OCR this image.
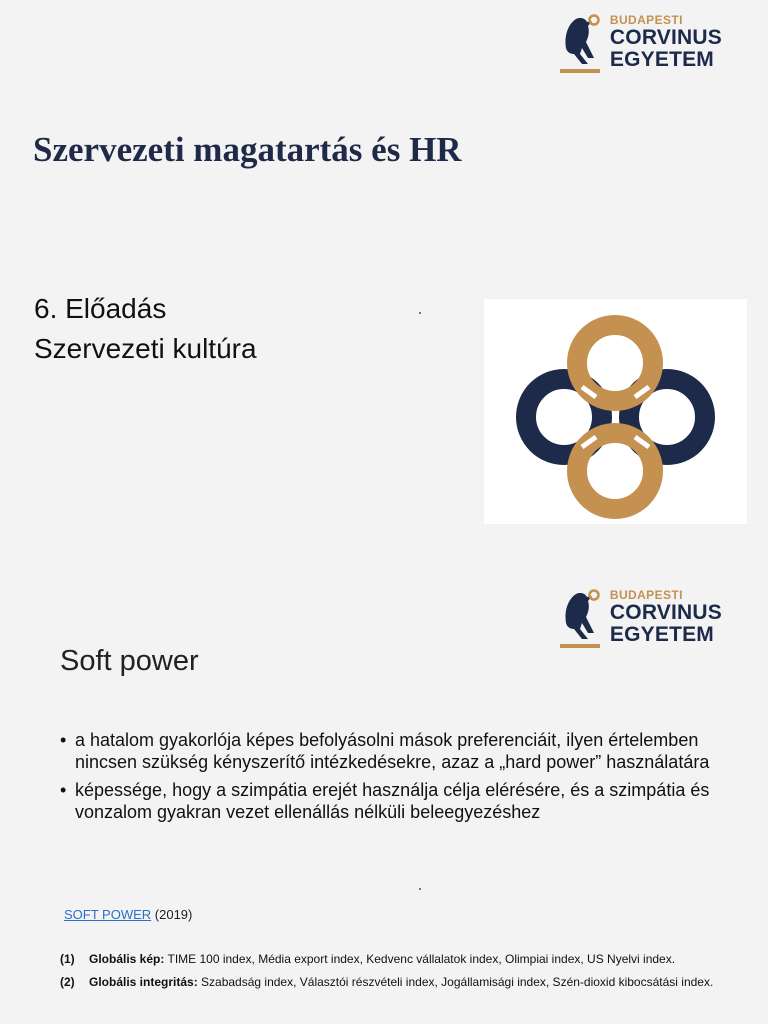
BUDAPESTI
CORVINUS
EGYETEM
Szervezeti magatartás és HR
6. Előadás
Szervezeti kultúra
BUDAPESTI
CORVINUS
EGYETEM
Soft power
• a hatalom gyakorlója képes befolyásolni mások preferenciáit, ilyen értelemben nincsen szükség kényszerítő intézkedésekre, azaz a „hard power” használatára
• képessége, hogy a szimpátia erejét használja célja elérésére, és a szimpátia és vonzalom gyakran vezet ellenállás nélküli beleegyezéshez
SOFT POWER (2019)
(1)	Globális kép: TIME 100 index, Média export index, Kedvenc vállalatok index, Olimpiai index, US Nyelvi index.
(2)	Globális integritás: Szabadság index, Választói részvételi index, Jogállamisági index, Szén-dioxid kibocsátási index.
